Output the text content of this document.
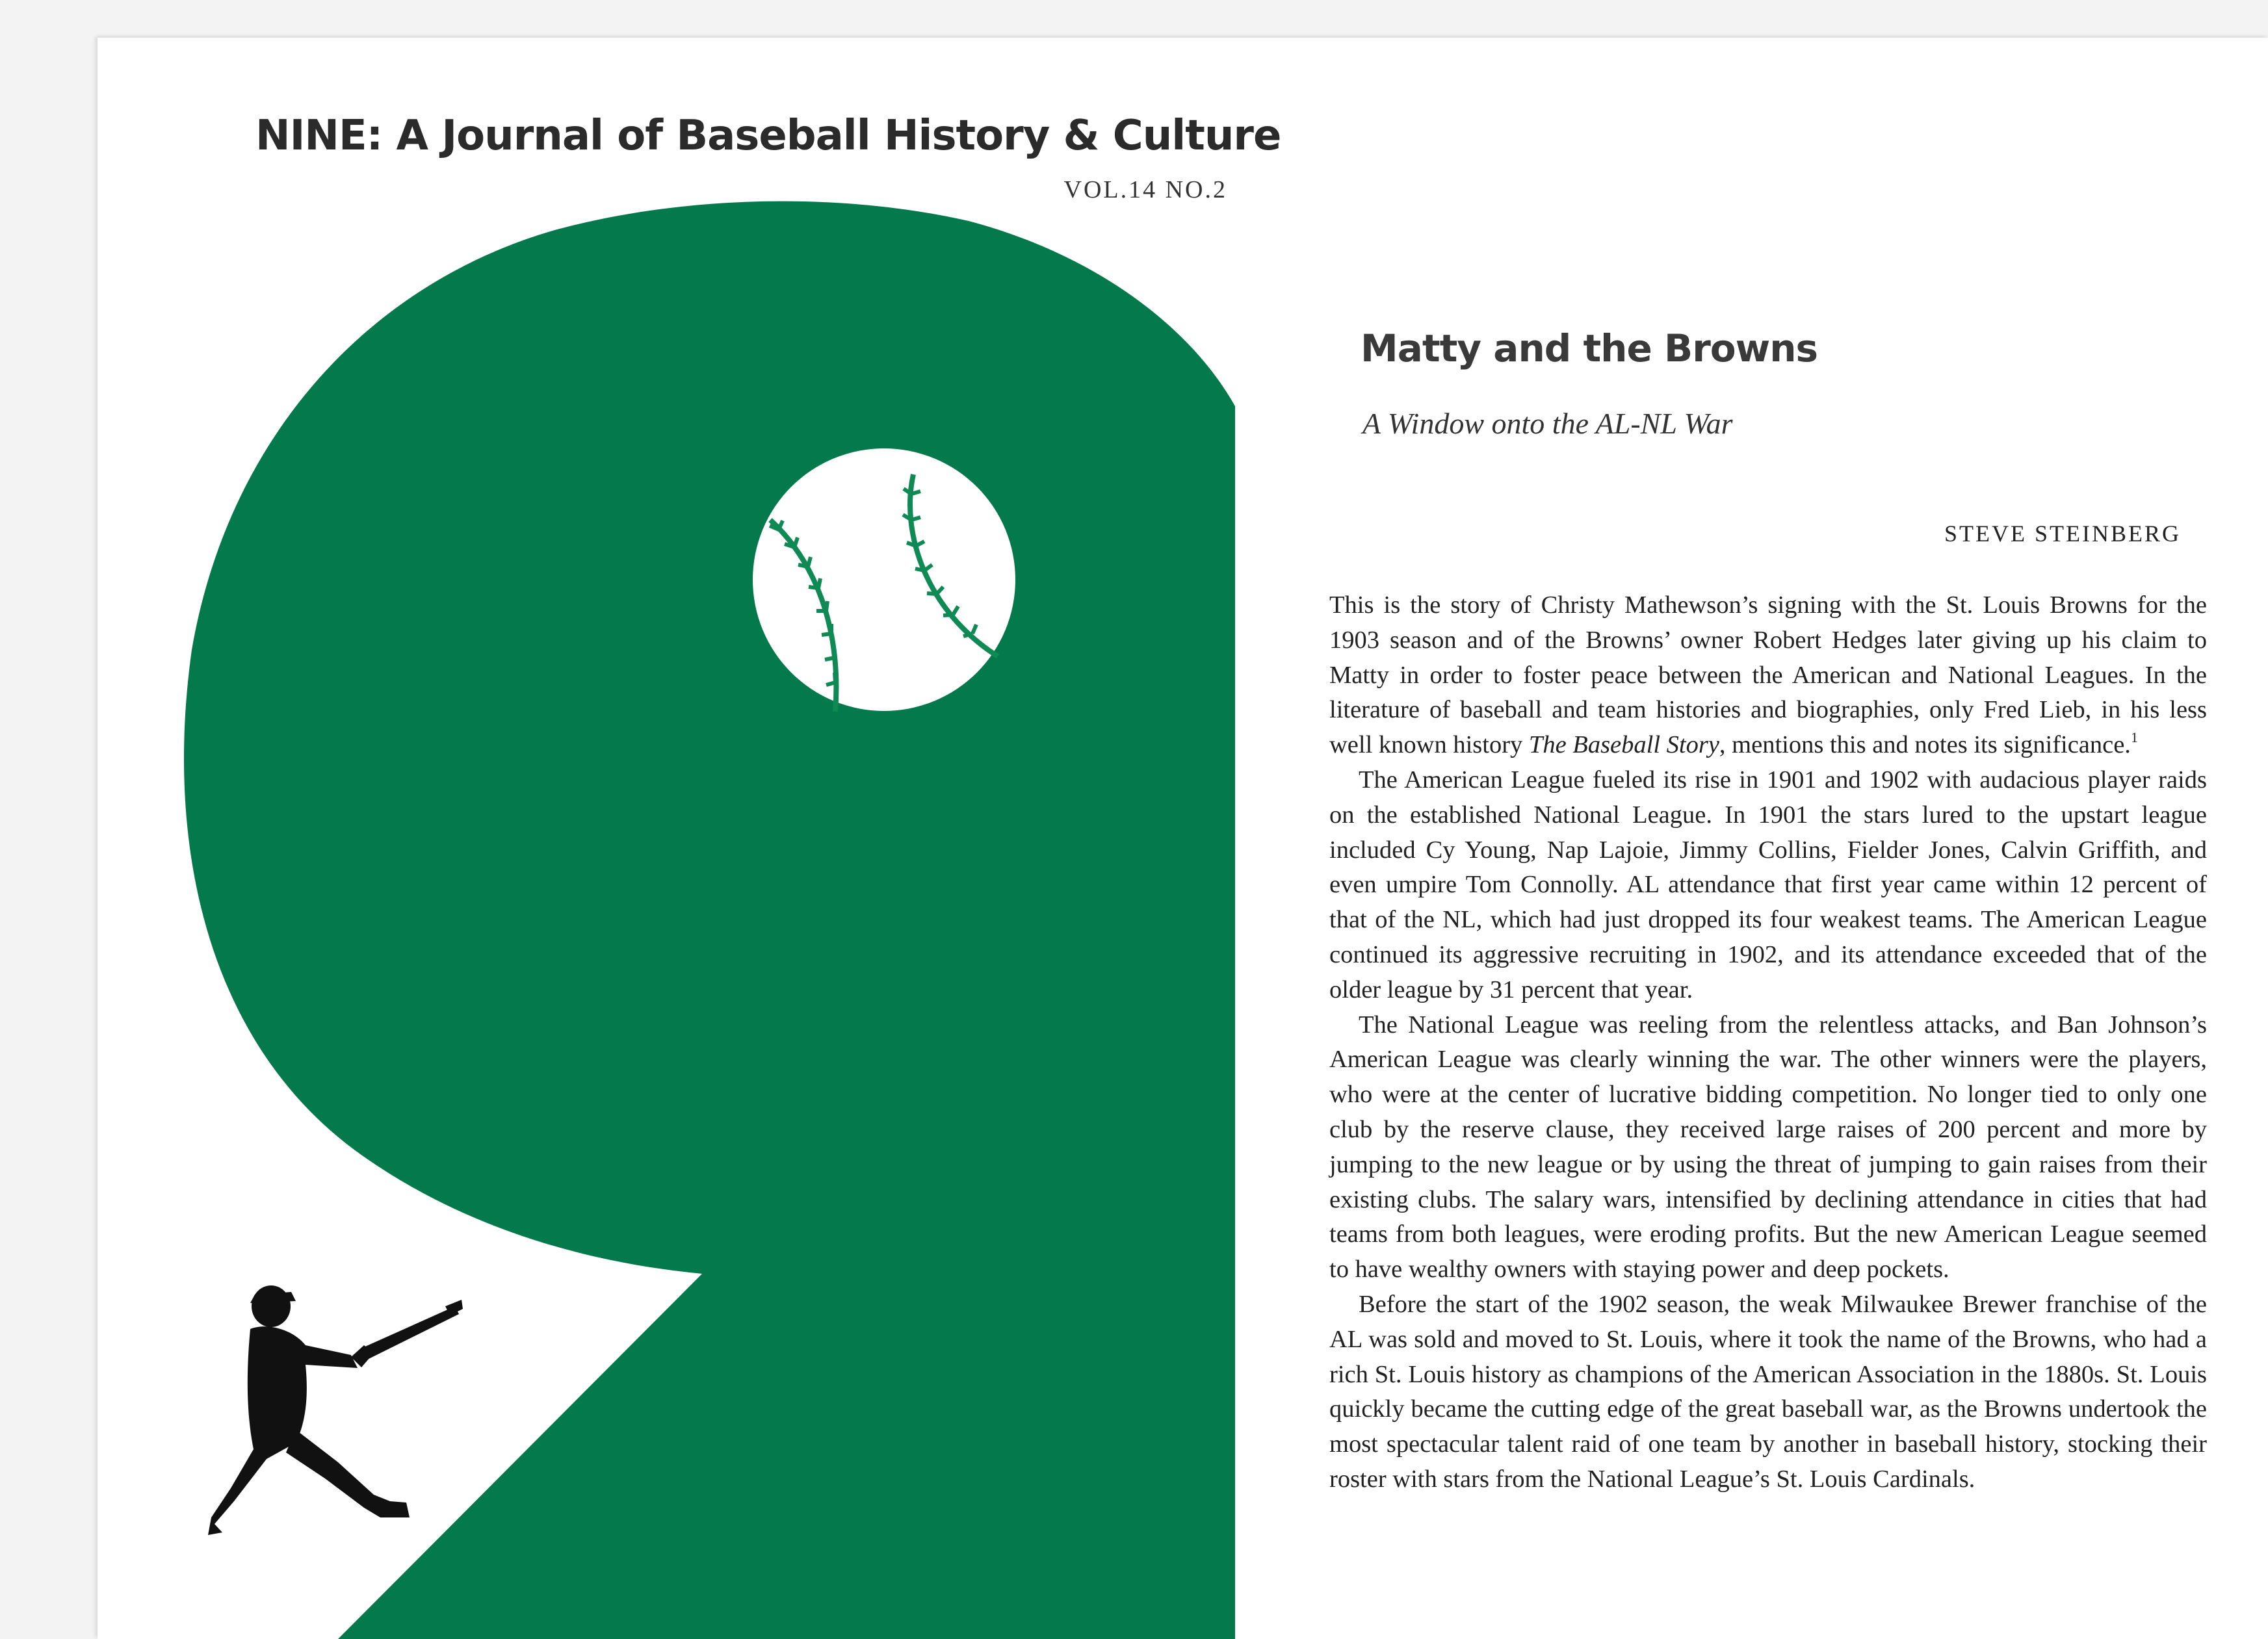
NINE: A Journal of Baseball History & Culture
VOL.14 NO.2
Matty and the Browns
A Window onto the AL-NL War
STEVE STEINBERG

This is the story of Christy Mathewson’s signing with the St. Louis Browns for the 1903 season and of the Browns’ owner Robert Hedges later giving up his claim to Matty in order to foster peace between the American and National Leagues. In the literature of baseball and team histories and biographies, only Fred Lieb, in his less well known history The Baseball Story, mentions this and notes its significance.$^1$

The American League fueled its rise in 1901 and 1902 with audacious player raids on the established National League. In 1901 the stars lured to the upstart league included Cy Young, Nap Lajoie, Jimmy Collins, Fielder Jones, Calvin Griffith, and even umpire Tom Connolly. AL attendance that first year came within 12 percent of that of the NL, which had just dropped its four weakest teams. The American League continued its aggressive recruiting in 1902, and its attendance exceeded that of the older league by 31 percent that year.

The National League was reeling from the relentless attacks, and Ban Johnson’s American League was clearly winning the war. The other winners were the players, who were at the center of lucrative bidding competition. No longer tied to only one club by the reserve clause, they received large raises of 200 percent and more by jumping to the new league or by using the threat of jumping to gain raises from their existing clubs. The salary wars, intensified by declining attendance in cities that had teams from both leagues, were eroding profits. But the new American League seemed to have wealthy owners with staying power and deep pockets.

Before the start of the 1902 season, the weak Milwaukee Brewer franchise of the AL was sold and moved to St. Louis, where it took the name of the Browns, who had a rich St. Louis history as champions of the American Association in the 1880s. St. Louis quickly became the cutting edge of the great baseball war, as the Browns undertook the most spectacular talent raid of one team by another in baseball history, stocking their roster with stars from the National League’s St. Louis Cardinals.
